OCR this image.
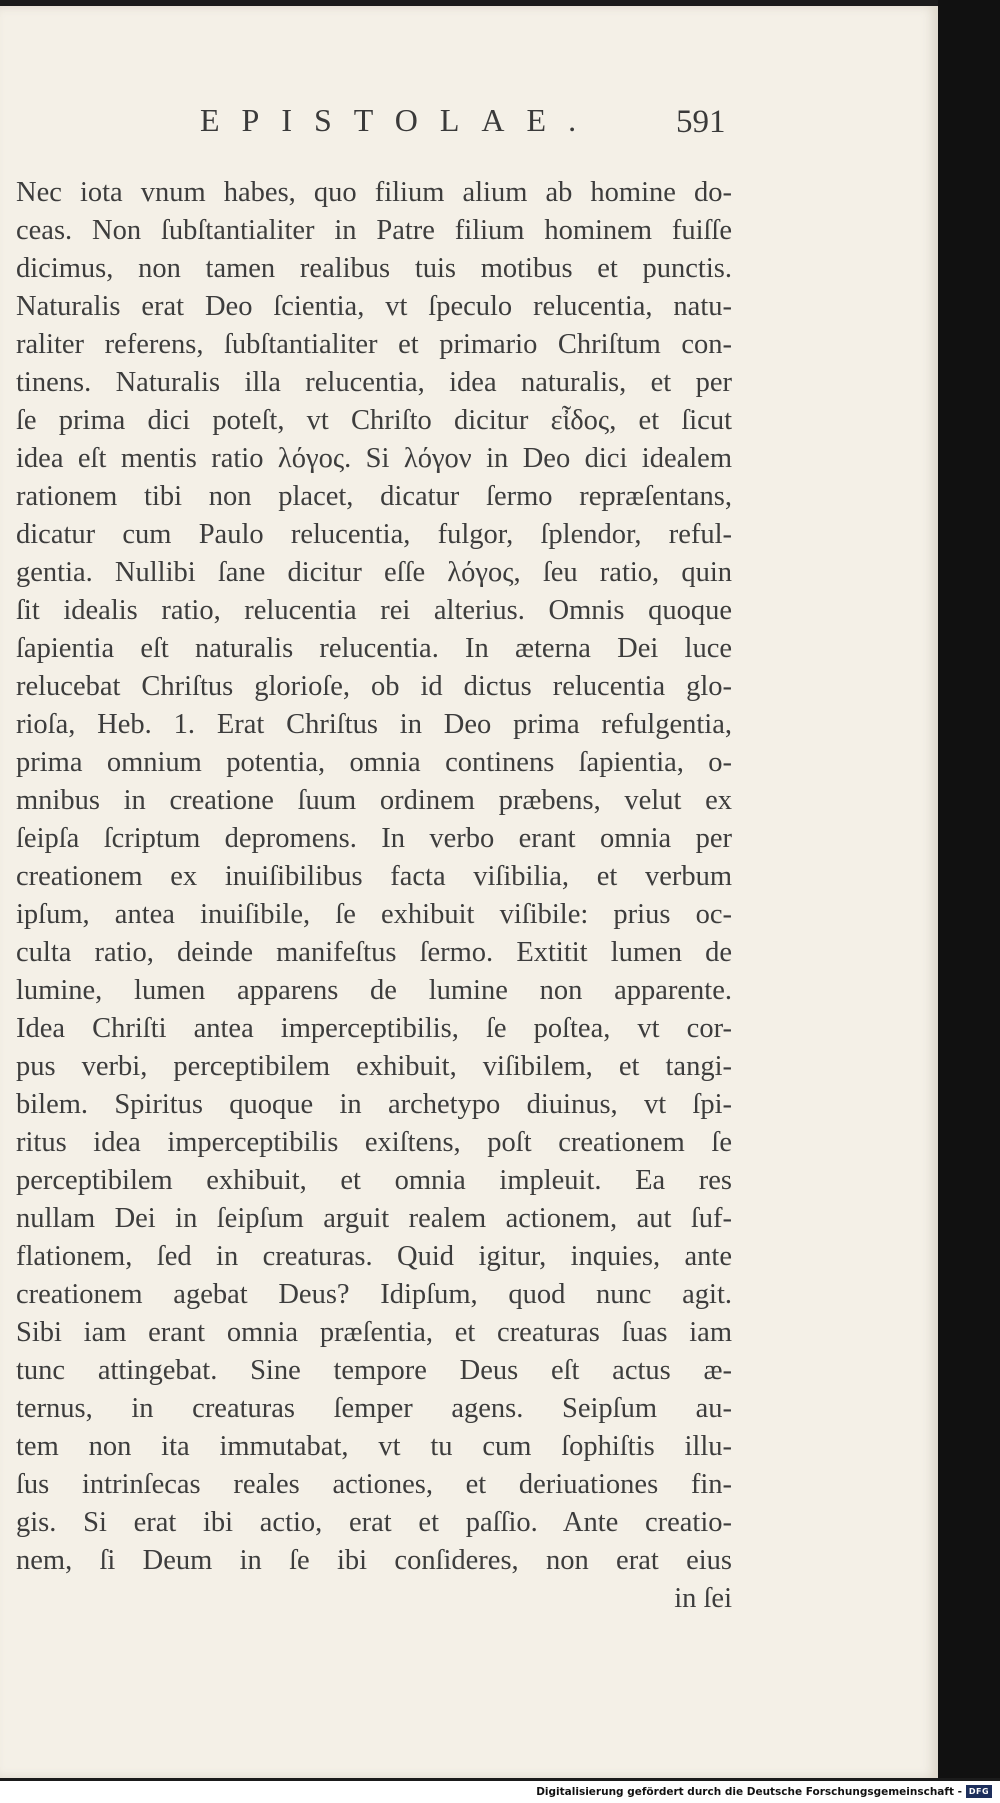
EPISTOLAE. 591
Nec iota vnum habes, quo filium alium ab homine do-
ceas. Non ſubſtantialiter in Patre filium hominem fuiſſe
dicimus, non tamen realibus tuis motibus et punctis.
Naturalis erat Deo ſcientia, vt ſpeculo relucentia, natu-
raliter referens, ſubſtantialiter et primario Chriſtum con-
tinens. Naturalis illa relucentia, idea naturalis, et per
ſe prima dici poteſt, vt Chriſto dicitur εἶδος, et ſicut
idea eſt mentis ratio λόγος. Si λόγον in Deo dici idealem
rationem tibi non placet, dicatur ſermo repræſentans,
dicatur cum Paulo relucentia, fulgor, ſplendor, reful-
gentia. Nullibi ſane dicitur eſſe λόγος, ſeu ratio, quin
ſit idealis ratio, relucentia rei alterius. Omnis quoque
ſapientia eſt naturalis relucentia. In æterna Dei luce
relucebat Chriſtus glorioſe, ob id dictus relucentia glo-
rioſa, Heb. 1. Erat Chriſtus in Deo prima refulgentia,
prima omnium potentia, omnia continens ſapientia, o-
mnibus in creatione ſuum ordinem præbens, velut ex
ſeipſa ſcriptum depromens. In verbo erant omnia per
creationem ex inuiſibilibus facta viſibilia, et verbum
ipſum, antea inuiſibile, ſe exhibuit viſibile: prius oc-
culta ratio, deinde manifeſtus ſermo. Extitit lumen de
lumine, lumen apparens de lumine non apparente.
Idea Chriſti antea imperceptibilis, ſe poſtea, vt cor-
pus verbi, perceptibilem exhibuit, viſibilem, et tangi-
bilem. Spiritus quoque in archetypo diuinus, vt ſpi-
ritus idea imperceptibilis exiſtens, poſt creationem ſe
perceptibilem exhibuit, et omnia impleuit. Ea res
nullam Dei in ſeipſum arguit realem actionem, aut ſuf-
flationem, ſed in creaturas. Quid igitur, inquies, ante
creationem agebat Deus? Idipſum, quod nunc agit.
Sibi iam erant omnia præſentia, et creaturas ſuas iam
tunc attingebat. Sine tempore Deus eſt actus æ-
ternus, in creaturas ſemper agens. Seipſum au-
tem non ita immutabat, vt tu cum ſophiſtis illu-
ſus intrinſecas reales actiones, et deriuationes fin-
gis. Si erat ibi actio, erat et paſſio. Ante creatio-
nem, ſi Deum in ſe ibi conſideres, non erat eius
in ſei
Digitalisierung gefördert durch die Deutsche Forschungsgemeinschaft - DFG
